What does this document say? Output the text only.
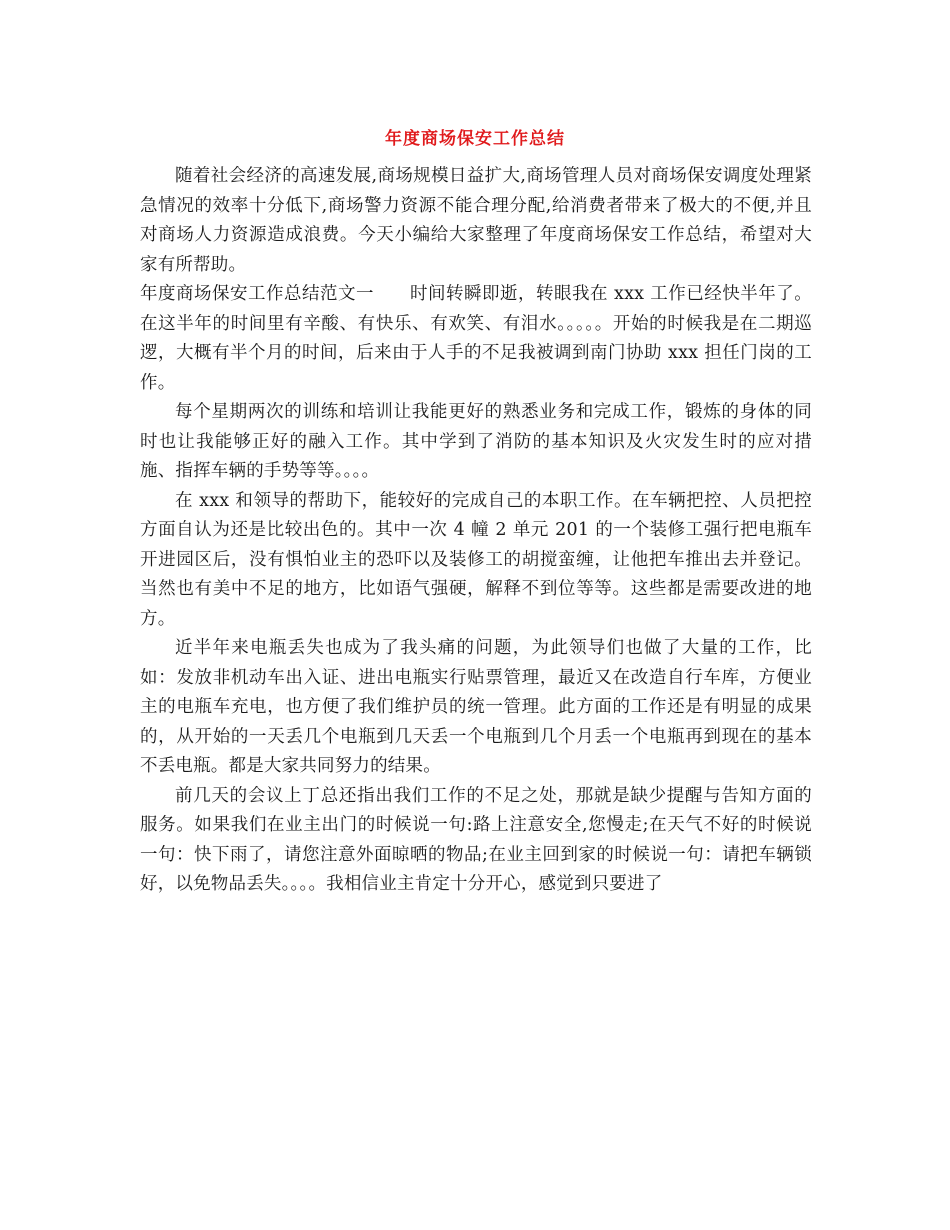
年度商场保安工作总结

随着社会经济的高速发展,商场规模日益扩大,商场管理人员对商场保安调度处理紧急情况的效率十分低下,商场警力资源不能合理分配,给消费者带来了极大的不便,并且对商场人力资源造成浪费。今天小编给大家整理了年度商场保安工作总结，希望对大家有所帮助。

年度商场保安工作总结范文一　　时间转瞬即逝，转眼我在 xxx 工作已经快半年了。在这半年的时间里有辛酸、有快乐、有欢笑、有泪水。。。。。开始的时候我是在二期巡逻，大概有半个月的时间，后来由于人手的不足我被调到南门协助 xxx 担任门岗的工作。

每个星期两次的训练和培训让我能更好的熟悉业务和完成工作，锻炼的身体的同时也让我能够正好的融入工作。其中学到了消防的基本知识及火灾发生时的应对措施、指挥车辆的手势等等。。。。

在 xxx 和领导的帮助下，能较好的完成自己的本职工作。在车辆把控、人员把控方面自认为还是比较出色的。其中一次 4 幢 2 单元 201 的一个装修工强行把电瓶车开进园区后，没有惧怕业主的恐吓以及装修工的胡搅蛮缠，让他把车推出去并登记。当然也有美中不足的地方，比如语气强硬，解释不到位等等。这些都是需要改进的地方。

近半年来电瓶丢失也成为了我头痛的问题，为此领导们也做了大量的工作，比如：发放非机动车出入证、进出电瓶实行贴票管理，最近又在改造自行车库，方便业主的电瓶车充电，也方便了我们维护员的统一管理。此方面的工作还是有明显的成果的，从开始的一天丢几个电瓶到几天丢一个电瓶到几个月丢一个电瓶再到现在的基本不丢电瓶。都是大家共同努力的结果。

前几天的会议上丁总还指出我们工作的不足之处，那就是缺少提醒与告知方面的服务。如果我们在业主出门的时候说一句:路上注意安全,您慢走;在天气不好的时候说一句：快下雨了，请您注意外面晾晒的物品;在业主回到家的时候说一句：请把车辆锁好，以免物品丢失。。。。我相信业主肯定十分开心，感觉到只要进了
